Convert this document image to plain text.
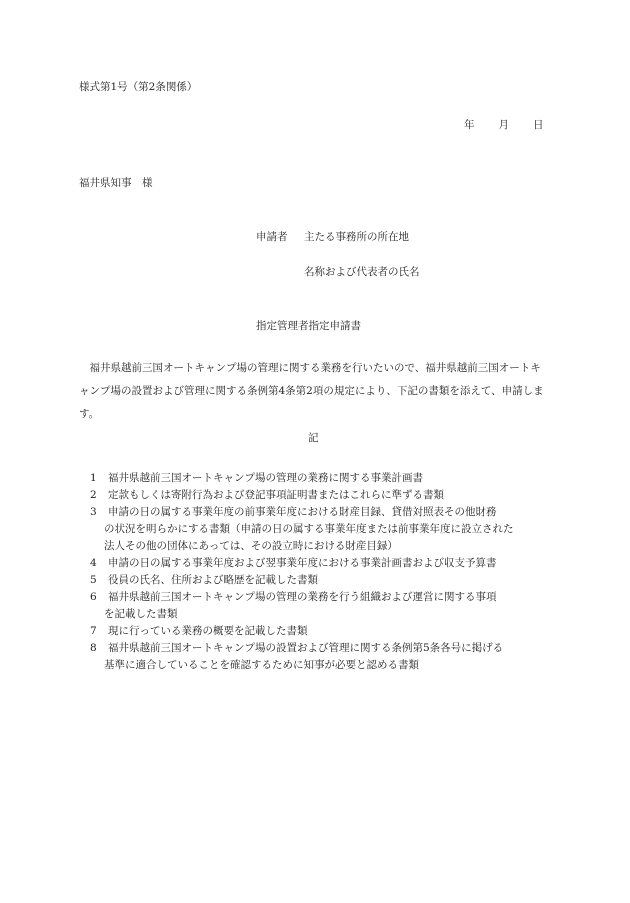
様式第1号（第2条関係）
年 月 日
福井県知事　様
申請者 主たる事務所の所在地
名称および代表者の氏名
指定管理者指定申請書
福井県越前三国オートキャンプ場の管理に関する業務を行いたいので、福井県越前三国オートキャンプ場の設置および管理に関する条例第4条第2項の規定により、下記の書類を添えて、申請します。
記
1	福井県越前三国オートキャンプ場の管理の業務に関する事業計画書
2	定款もしくは寄附行為および登記事項証明書またはこれらに準ずる書類
3	申請の日の属する事業年度の前事業年度における財産目録、貸借対照表その他財務
の状況を明らかにする書類（申請の日の属する事業年度または前事業年度に設立された
法人その他の団体にあっては、その設立時における財産目録）
4	申請の日の属する事業年度および翌事業年度における事業計画書および収支予算書
5	役員の氏名、住所および略歴を記載した書類
6	福井県越前三国オートキャンプ場の管理の業務を行う組織および運営に関する事項
を記載した書類
7	現に行っている業務の概要を記載した書類
8	福井県越前三国オートキャンプ場の設置および管理に関する条例第5条各号に掲げる
基準に適合していることを確認するために知事が必要と認める書類
